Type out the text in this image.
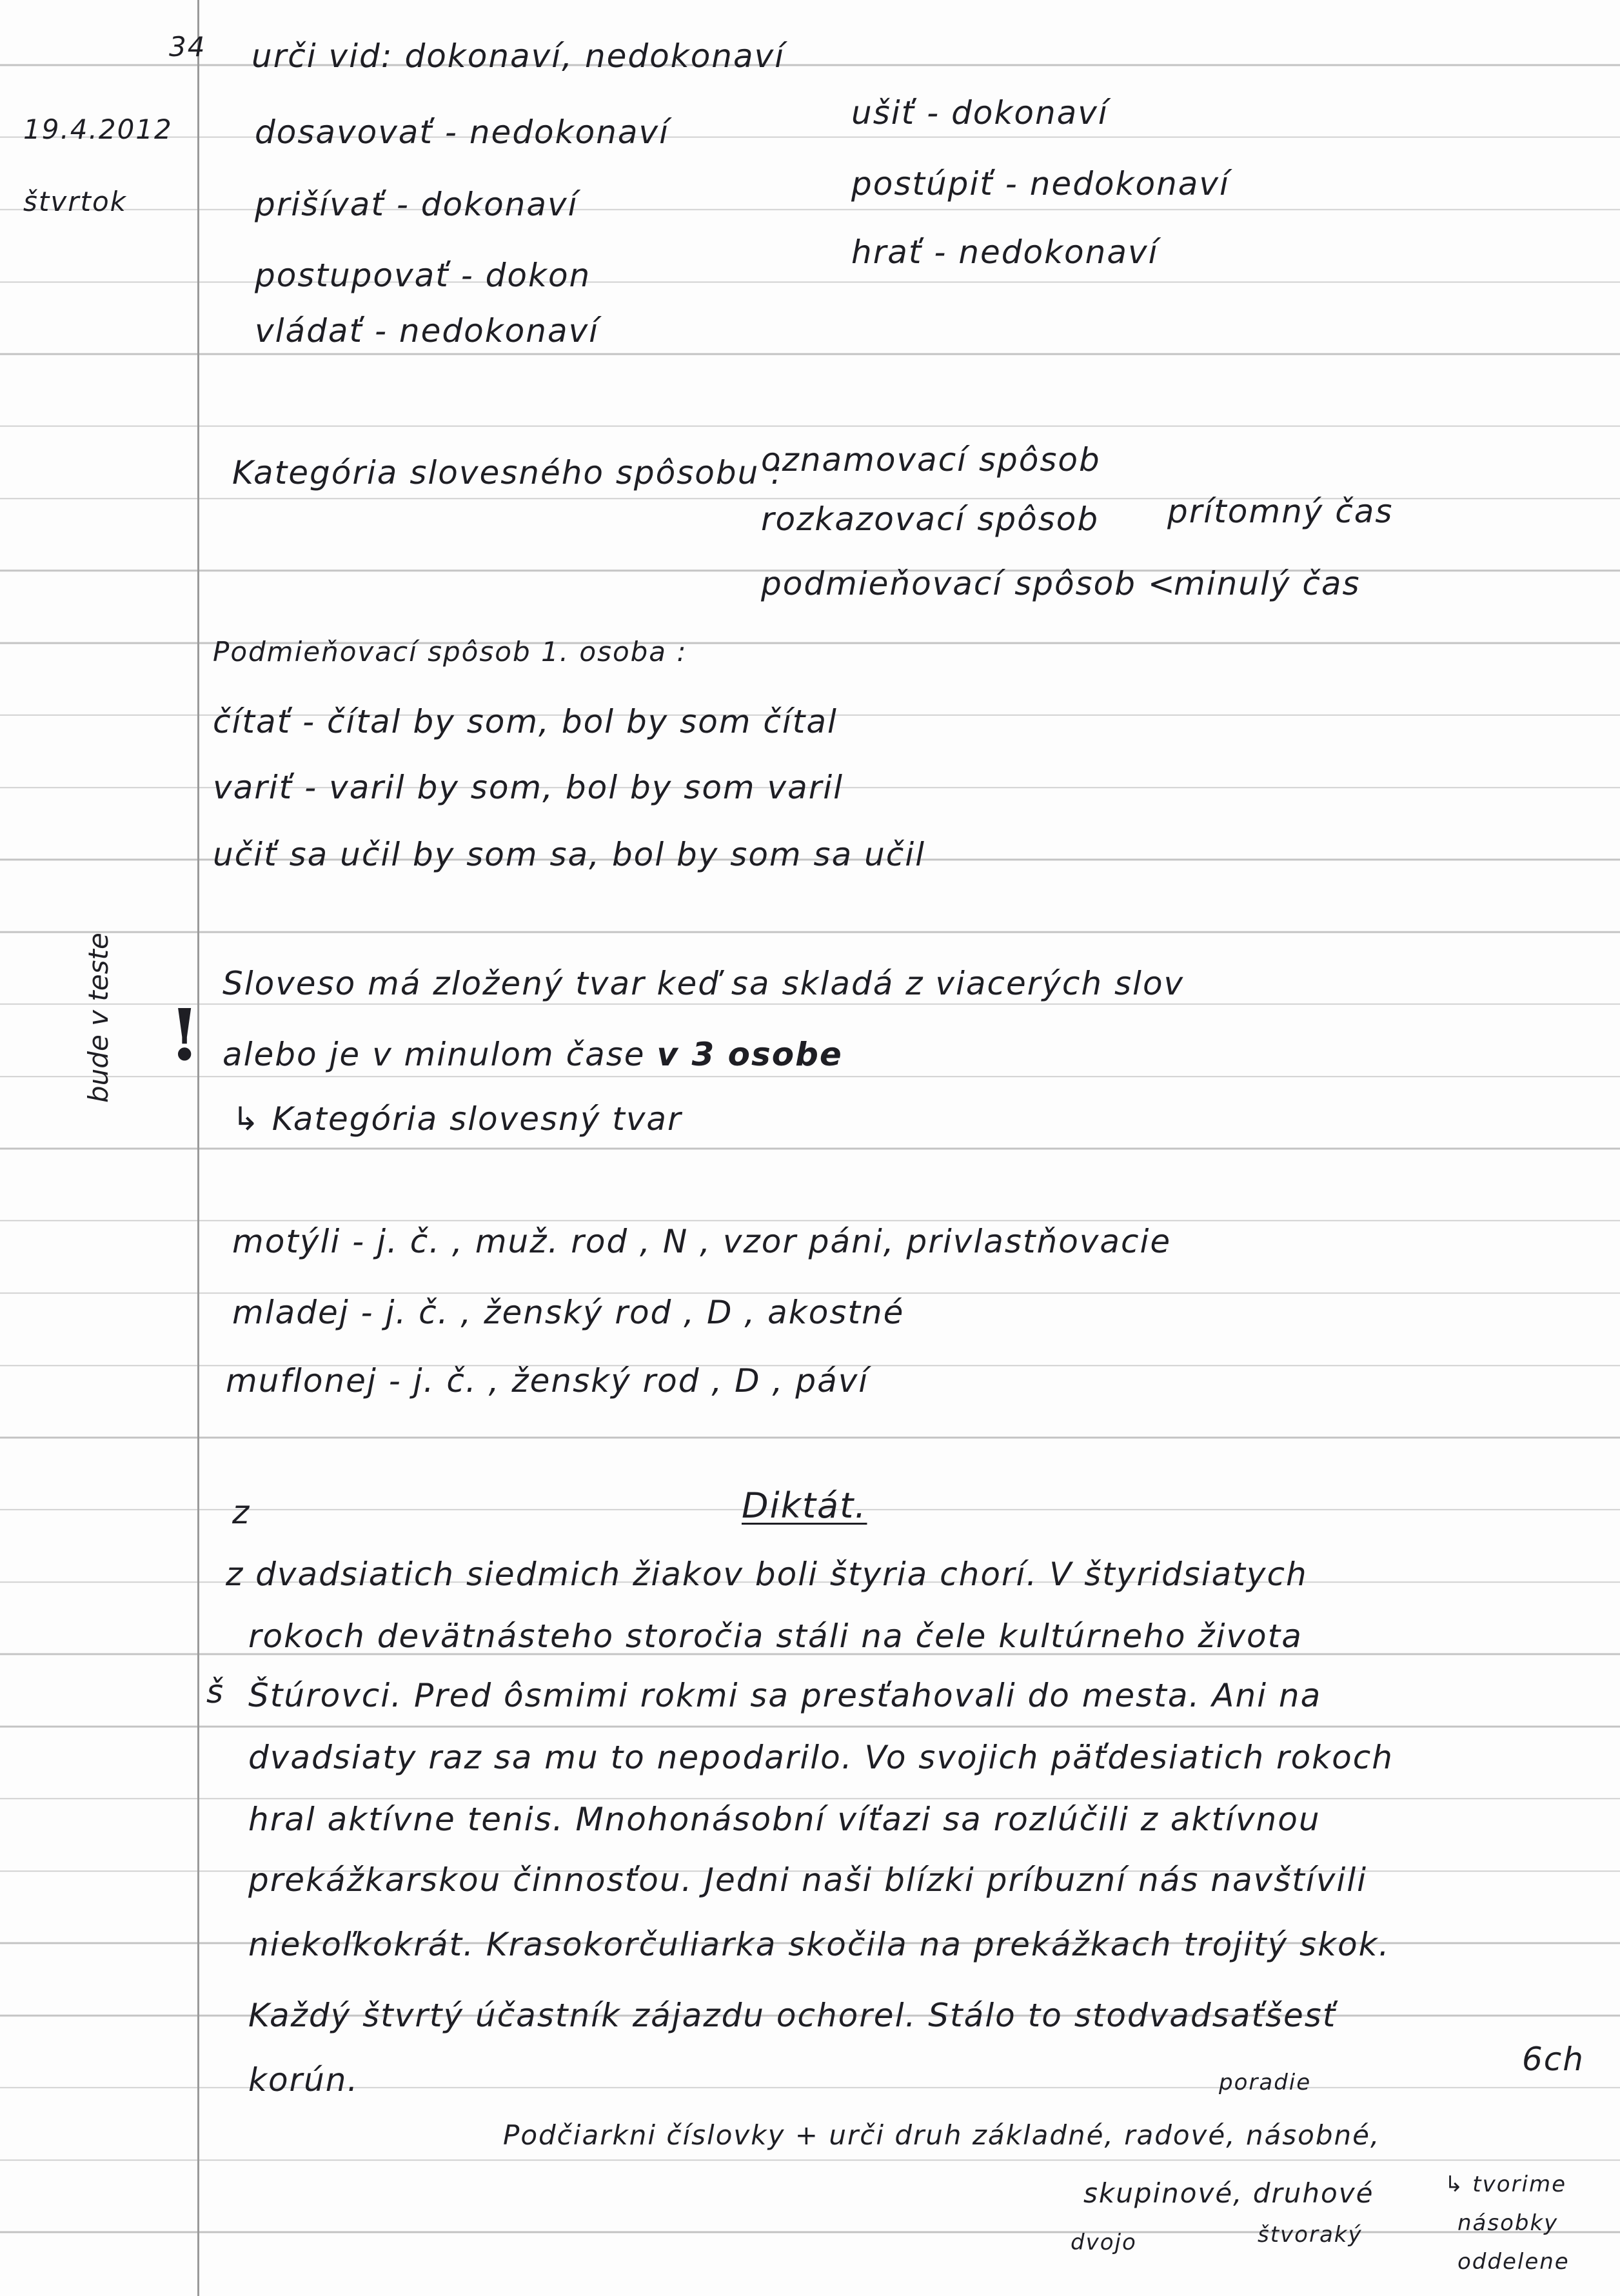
34
19.4.2012
štvrtok
bude v teste !
š
urči vid: dokonaví, nedokonaví
dosavovať - nedokonaví
prišívať - dokonaví
postupovať - dokon
vládať - nedokonaví
ušiť - dokonaví
postúpiť - nedokonaví
hrať - nedokonaví
Kategória slovesného spôsobu :
oznamovací spôsob
rozkazovací spôsob
podmieňovací spôsob <
prítomný čas
minulý čas
Podmieňovací spôsob 1. osoba :
čítať - čítal by som, bol by som čítal
variť - varil by som, bol by som varil
učiť sa učil by som sa, bol by som sa učil
Sloveso má zložený tvar keď sa skladá z viacerých slov
alebo je v minulom čase v 3 osobe
↳ Kategória slovesný tvar
motýli - j. č. , muž. rod , N , vzor páni, privlastňovacie
mladej - j. č. , ženský rod , D , akostné
muflonej - j. č. , ženský rod , D , páví
z	Diktát.
z dvadsiatich siedmich žiakov boli štyria chorí. V štyridsiatych
rokoch devätnásteho storočia stáli na čele kultúrneho života
Štúrovci. Pred ôsmimi rokmi sa presťahovali do mesta. Ani na
dvadsiaty raz sa mu to nepodarilo. Vo svojich päťdesiatich rokoch
hral aktívne tenis. Mnohonásobní víťazi sa rozlúčili z aktívnou
prekážkarskou činnosťou. Jedni naši blízki príbuzní nás navštívili
niekoľkokrát. Krasokorčuliarka skočila na prekážkach trojitý skok.
Každý štvrtý účastník zájazdu ochorel. Stálo to stodvadsaťšesť
korún.
6ch
poradie
Podčiarkni číslovky + urči druh základné, radové, násobné,
skupinové, druhové	↳ tvorime
násobky
oddelene
dvojo	štvoraký
